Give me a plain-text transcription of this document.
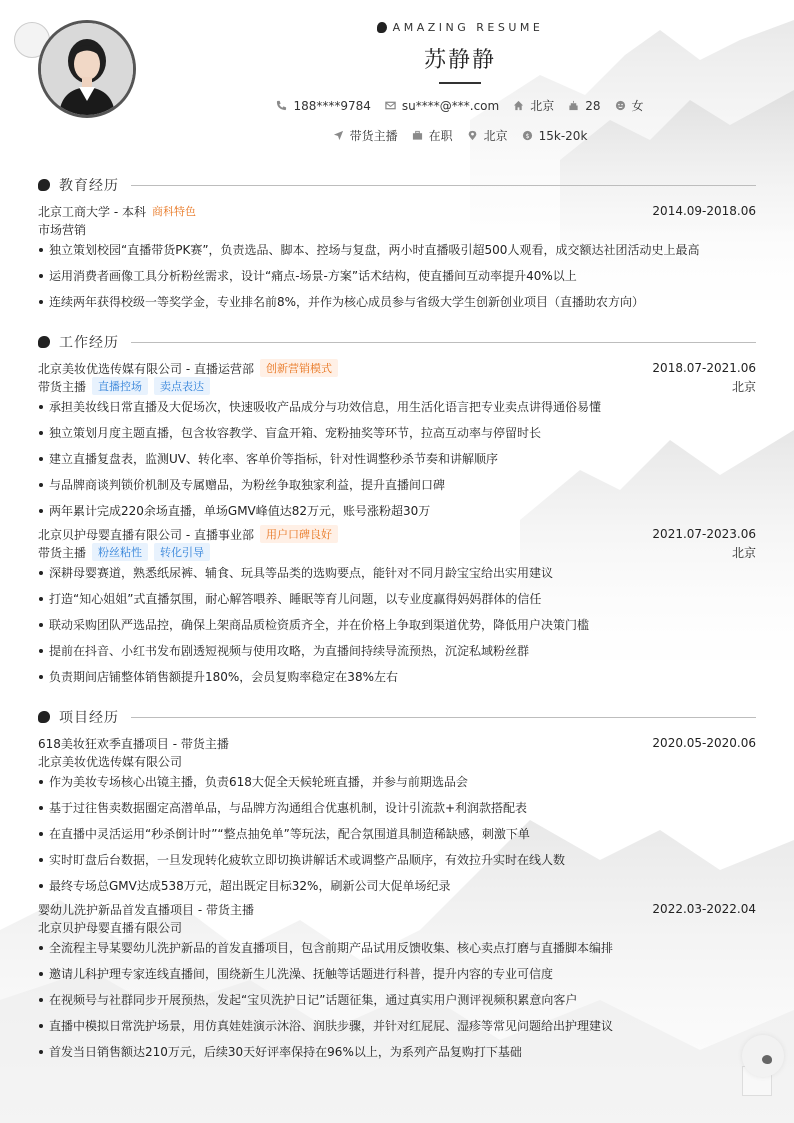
AMAZING RESUME
苏静静
188****9784	su****@***.com	北京	28	女
带货主播	在职	北京 $ 15k-20k
教育经历
北京工商大学 - 本科 商科特色	2014.09-2018.06
市场营销
独立策划校园“直播带货PK赛”，负责选品、脚本、控场与复盘，两小时直播吸引超500人观看，成交额达社团活动史上最高
运用消费者画像工具分析粉丝需求，设计“痛点-场景-方案”话术结构，使直播间互动率提升40%以上
连续两年获得校级一等奖学金，专业排名前8%，并作为核心成员参与省级大学生创新创业项目（直播助农方向）
工作经历
北京美妆优选传媒有限公司 - 直播运营部	创新营销模式	2018.07-2021.06
带货主播	直播控场	卖点表达	北京
承担美妆线日常直播及大促场次，快速吸收产品成分与功效信息，用生活化语言把专业卖点讲得通俗易懂
独立策划月度主题直播，包含妆容教学、盲盒开箱、宠粉抽奖等环节，拉高互动率与停留时长
建立直播复盘表，监测UV、转化率、客单价等指标，针对性调整秒杀节奏和讲解顺序
与品牌商谈判锁价机制及专属赠品，为粉丝争取独家利益，提升直播间口碑
两年累计完成220余场直播，单场GMV峰值达82万元，账号涨粉超30万
北京贝护母婴直播有限公司 - 直播事业部	用户口碑良好	2021.07-2023.06
带货主播	粉丝粘性	转化引导	北京
深耕母婴赛道，熟悉纸尿裤、辅食、玩具等品类的选购要点，能针对不同月龄宝宝给出实用建议
打造“知心姐姐”式直播氛围，耐心解答喂养、睡眠等育儿问题，以专业度赢得妈妈群体的信任
联动采购团队严选品控，确保上架商品质检资质齐全，并在价格上争取到渠道优势，降低用户决策门槛
提前在抖音、小红书发布剧透短视频与使用攻略，为直播间持续导流预热，沉淀私域粉丝群
负责期间店铺整体销售额提升180%，会员复购率稳定在38%左右
项目经历
618美妆狂欢季直播项目 - 带货主播	2020.05-2020.06
北京美妆优选传媒有限公司
作为美妆专场核心出镜主播，负责618大促全天候轮班直播，并参与前期选品会
基于过往售卖数据圈定高潜单品，与品牌方沟通组合优惠机制，设计引流款+利润款搭配表
在直播中灵活运用“秒杀倒计时”“整点抽免单”等玩法，配合氛围道具制造稀缺感，刺激下单
实时盯盘后台数据，一旦发现转化疲软立即切换讲解话术或调整产品顺序，有效拉升实时在线人数
最终专场总GMV达成538万元，超出既定目标32%，刷新公司大促单场纪录
婴幼儿洗护新品首发直播项目 - 带货主播	2022.03-2022.04
北京贝护母婴直播有限公司
全流程主导某婴幼儿洗护新品的首发直播项目，包含前期产品试用反馈收集、核心卖点打磨与直播脚本编排
邀请儿科护理专家连线直播间，围绕新生儿洗澡、抚触等话题进行科普，提升内容的专业可信度
在视频号与社群同步开展预热，发起“宝贝洗护日记”话题征集，通过真实用户测评视频积累意向客户
直播中模拟日常洗护场景，用仿真娃娃演示沐浴、润肤步骤，并针对红屁屁、湿疹等常见问题给出护理建议
首发当日销售额达210万元，后续30天好评率保持在96%以上，为系列产品复购打下基础
